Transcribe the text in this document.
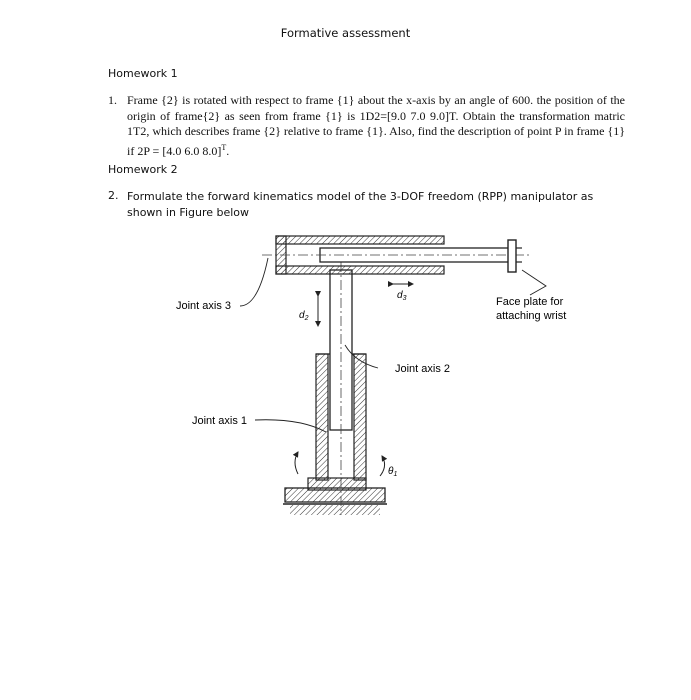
Formative assessment
Homework 1
1. Frame {2} is rotated with respect to frame {1} about the x-axis by an angle of 600. the position of the origin of frame{2} as seen from frame {1} is 1D2=[9.0 7.0 9.0]T. Obtain the transformation matric 1T2, which describes frame {2} relative to frame {1}. Also, find the description of point P in frame {1} if 2P = [4.0 6.0 8.0]$^T$.
Homework 2
2. Formulate the forward kinematics model of the 3-DOF freedom (RPP) manipulator as shown in Figure below
$d_2$
$d_3$
$\theta_1$
Joint axis 3
Joint axis 2
Joint axis 1
Face plate for
attaching wrist
